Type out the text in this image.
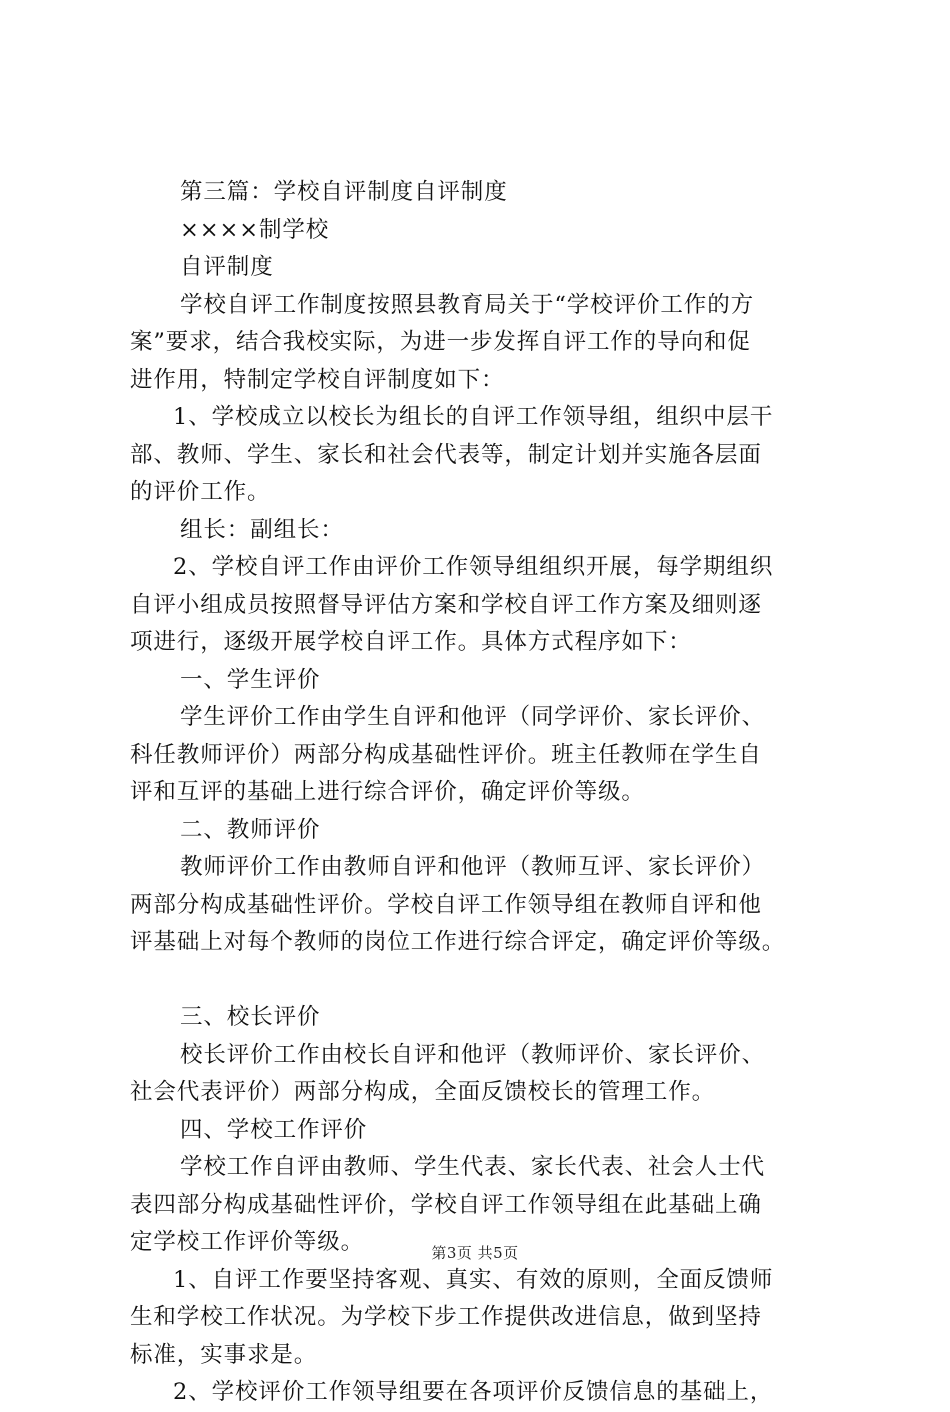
第三篇：学校自评制度自评制度
××××制学校
自评制度
学校自评工作制度按照县教育局关于“学校评价工作的方
案”要求，结合我校实际，为进一步发挥自评工作的导向和促
进作用，特制定学校自评制度如下：
1、学校成立以校长为组长的自评工作领导组，组织中层干
部、教师、学生、家长和社会代表等，制定计划并实施各层面
的评价工作。
组长：副组长：
2、学校自评工作由评价工作领导组组织开展，每学期组织
自评小组成员按照督导评估方案和学校自评工作方案及细则逐
项进行，逐级开展学校自评工作。具体方式程序如下：
一、学生评价
学生评价工作由学生自评和他评（同学评价、家长评价、
科任教师评价）两部分构成基础性评价。班主任教师在学生自
评和互评的基础上进行综合评价，确定评价等级。
二、教师评价
教师评价工作由教师自评和他评（教师互评、家长评价）
两部分构成基础性评价。学校自评工作领导组在教师自评和他
评基础上对每个教师的岗位工作进行综合评定，确定评价等级。
三、校长评价
校长评价工作由校长自评和他评（教师评价、家长评价、
社会代表评价）两部分构成，全面反馈校长的管理工作。
四、学校工作评价
学校工作自评由教师、学生代表、家长代表、社会人士代
表四部分构成基础性评价，学校自评工作领导组在此基础上确
定学校工作评价等级。
1、自评工作要坚持客观、真实、有效的原则，全面反馈师
生和学校工作状况。为学校下步工作提供改进信息，做到坚持
标准，实事求是。
2、学校评价工作领导组要在各项评价反馈信息的基础上，
第3页 共5页
